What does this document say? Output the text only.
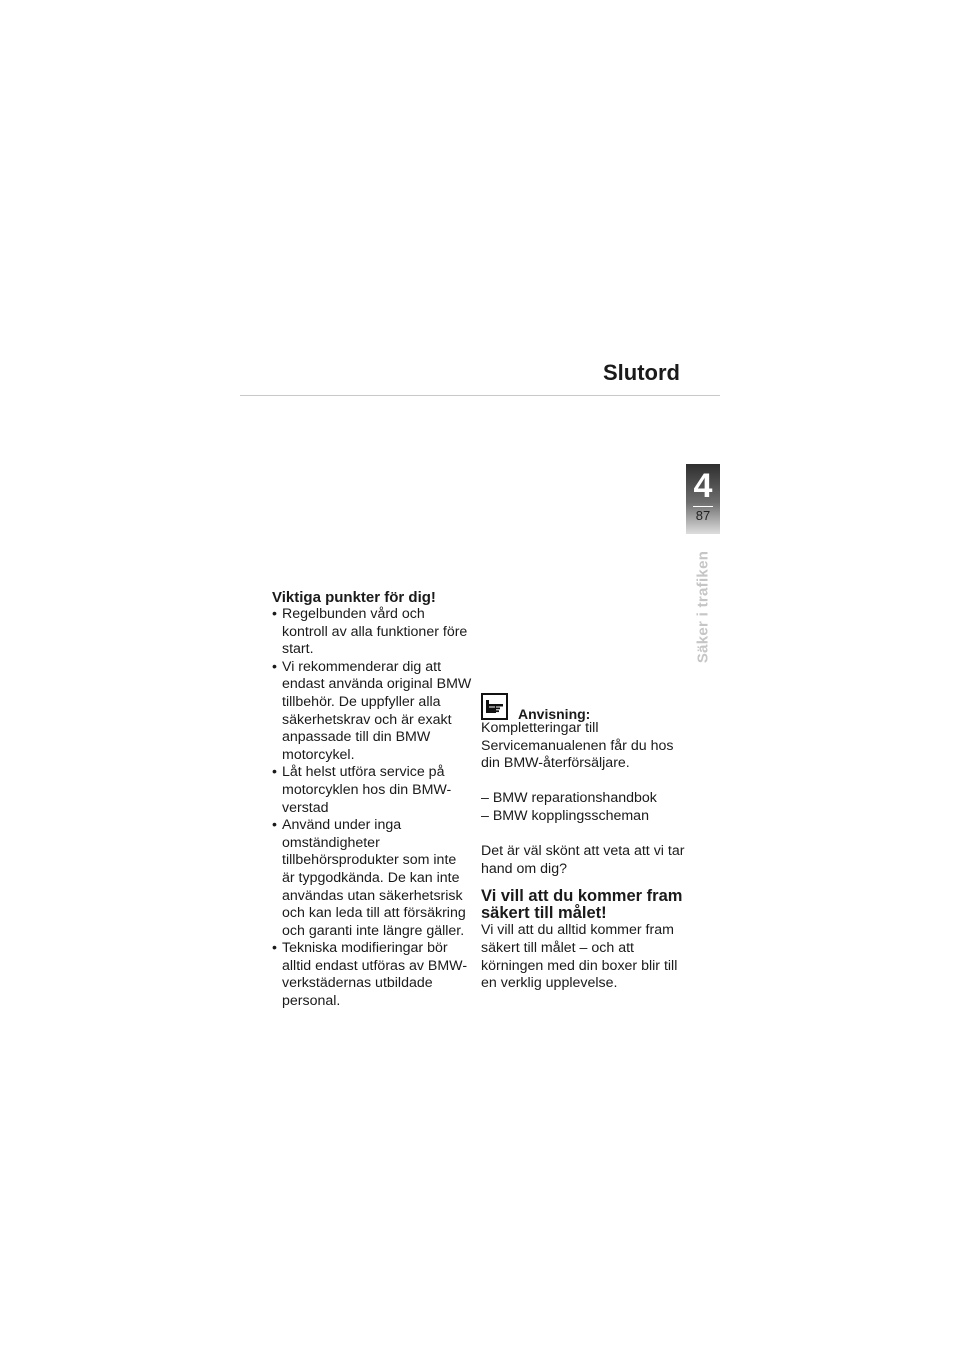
Slutord
4
87
Säker i trafiken
Viktiga punkter för dig!
• Regelbunden vård och kontroll av alla funktioner före start.
• Vi rekommenderar dig att endast använda original BMW tillbehör. De uppfyller alla säkerhetskrav och är exakt anpassade till din BMW motorcykel.
• Låt helst utföra service på motorcyklen hos din BMW-verstad
• Använd under inga omständigheter tillbehörsprodukter som inte är typgodkända. De kan inte användas utan säkerhetsrisk och kan leda till att försäkring och garanti inte längre gäller.
• Tekniska modifieringar bör alltid endast utföras av BMW-verkstädernas utbildade personal.
Anvisning:

Kompletteringar till Servicemanualenen får du hos din BMW-återförsäljare.

– BMW reparationshandbok
– BMW kopplingsscheman

Det är väl skönt att veta att vi tar hand om dig?

Vi vill att du kommer fram säkert till målet!

Vi vill att du alltid kommer fram säkert till målet – och att körningen med din boxer blir till en verklig upplevelse.
